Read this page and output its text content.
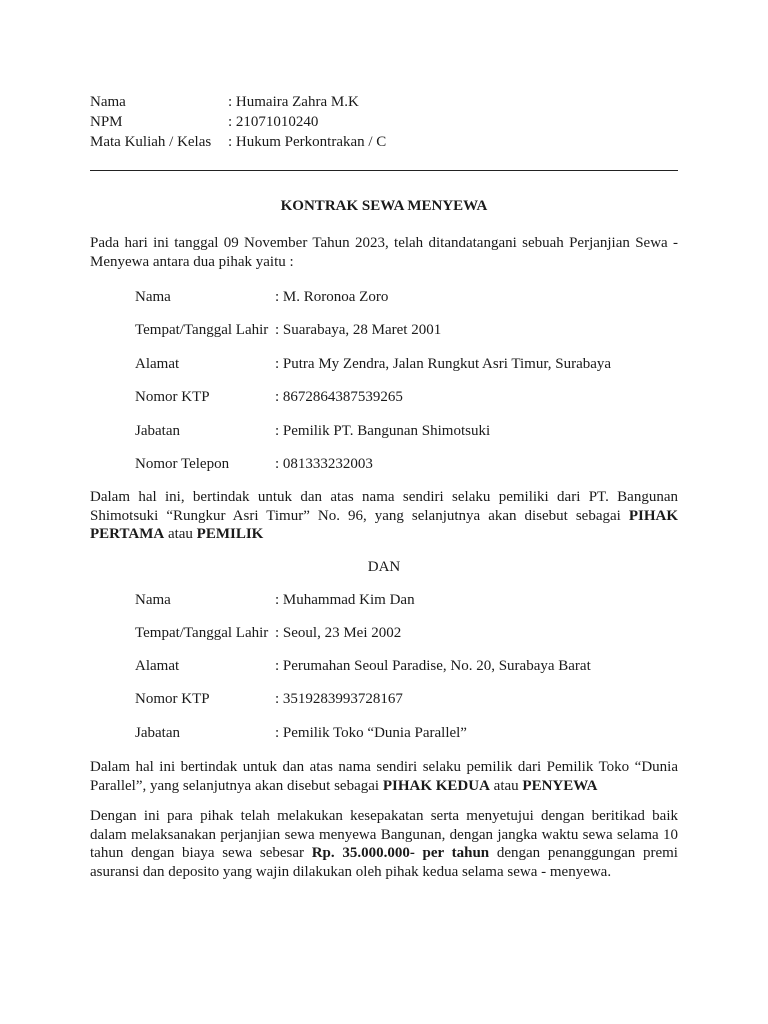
Nama	: Humaira Zahra M.K
NPM	: 21071010240
Mata Kuliah / Kelas : Hukum Perkontrakan / C
KONTRAK SEWA MENYEWA

Pada hari ini tanggal 09 November Tahun 2023, telah ditandatangani sebuah Perjanjian Sewa - Menyewa antara dua pihak yaitu :

Nama	: M. Roronoa Zoro
Tempat/Tanggal Lahir : Suarabaya, 28 Maret 2001
Alamat	: Putra My Zendra, Jalan Rungkut Asri Timur, Surabaya
Nomor KTP	: 8672864387539265
Jabatan	: Pemilik PT. Bangunan Shimotsuki
Nomor Telepon	: 081333232003

Dalam hal ini, bertindak untuk dan atas nama sendiri selaku pemiliki dari PT. Bangunan Shimotsuki “Rungkur Asri Timur” No. 96, yang selanjutnya akan disebut sebagai PIHAK PERTAMA atau PEMILIK

DAN
Nama	: Muhammad Kim Dan
Tempat/Tanggal Lahir : Seoul, 23 Mei 2002
Alamat	: Perumahan Seoul Paradise, No. 20, Surabaya Barat
Nomor KTP	: 3519283993728167
Jabatan	: Pemilik Toko “Dunia Parallel”

Dalam hal ini bertindak untuk dan atas nama sendiri selaku pemilik dari Pemilik Toko “Dunia Parallel”, yang selanjutnya akan disebut sebagai PIHAK KEDUA atau PENYEWA

Dengan ini para pihak telah melakukan kesepakatan serta menyetujui dengan beritikad baik dalam melaksanakan perjanjian sewa menyewa Bangunan, dengan jangka waktu sewa selama 10 tahun dengan biaya sewa sebesar Rp. 35.000.000- per tahun dengan penanggungan premi asuransi dan deposito yang wajin dilakukan oleh pihak kedua selama sewa - menyewa.
